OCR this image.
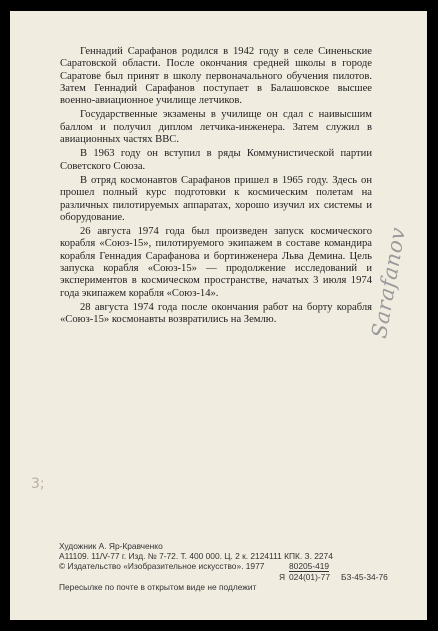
Геннадий Сарафанов родился в 1942 году в селе Синеньские Саратовской области. После окончания средней школы в городе Саратове был принят в школу первоначального обучения пилотов. Затем Геннадий Сарафанов поступает в Балашовское высшее военно-авиационное училище летчиков.

Государственные экзамены в училище он сдал с наивысшим баллом и получил диплом летчика-инженера. Затем служил в авиационных частях ВВС.

В 1963 году он вступил в ряды Коммунистической партии Советского Союза.

В отряд космонавтов Сарафанов пришел в 1965 году. Здесь он прошел полный курс подготовки к космическим полетам на различных пилотируемых аппаратах, хорошо изучил их системы и оборудование.

26 августа 1974 года был произведен запуск космического корабля «Союз-15», пилотируемого экипажем в составе командира корабля Геннадия Сарафанова и бортинженера Льва Демина. Цель запуска корабля «Союз-15» — продолжение исследований и экспериментов в космическом пространстве, начатых 3 июля 1974 года экипажем корабля «Союз-14».

28 августа 1974 года после окончания работ на борту корабля «Союз-15» космонавты возвратились на Землю.	Sarafanov
3;
Художник А. Яр-Кравченко
А11109. 11/V-77 г. Изд. № 7-72. Т. 400 000. Ц. 2 к. 2124111 КПК. З. 2274
© Издательство «Изобразительное искусство». 1977	80205-419
Я 024(01)-77 БЗ-45-34-76
Пересылке по почте в открытом виде не подлежит
